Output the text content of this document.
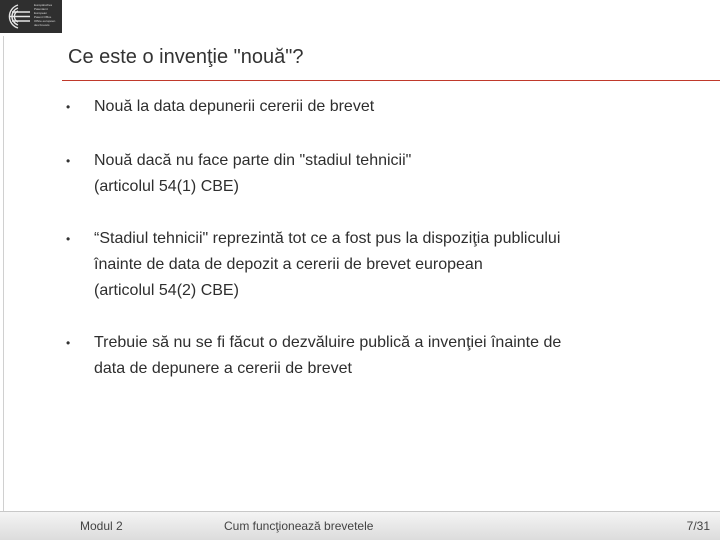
Europäisches
Patentamt
European
Patent Office
Office européen
des brevets
Ce este o invenţie "nouă"?
• Nouă la data depunerii cererii de brevet
• Nouă dacă nu face parte din "stadiul tehnicii"
(articolul 54(1) CBE)
• “Stadiul tehnicii" reprezintă tot ce a fost pus la dispoziţia publicului
înainte de data de depozit a cererii de brevet european
(articolul 54(2) CBE)
• Trebuie să nu se fi făcut o dezvăluire publică a invenţiei înainte de
data de depunere a cererii de brevet
Modul 2	Cum funcţionează brevetele	7/31
